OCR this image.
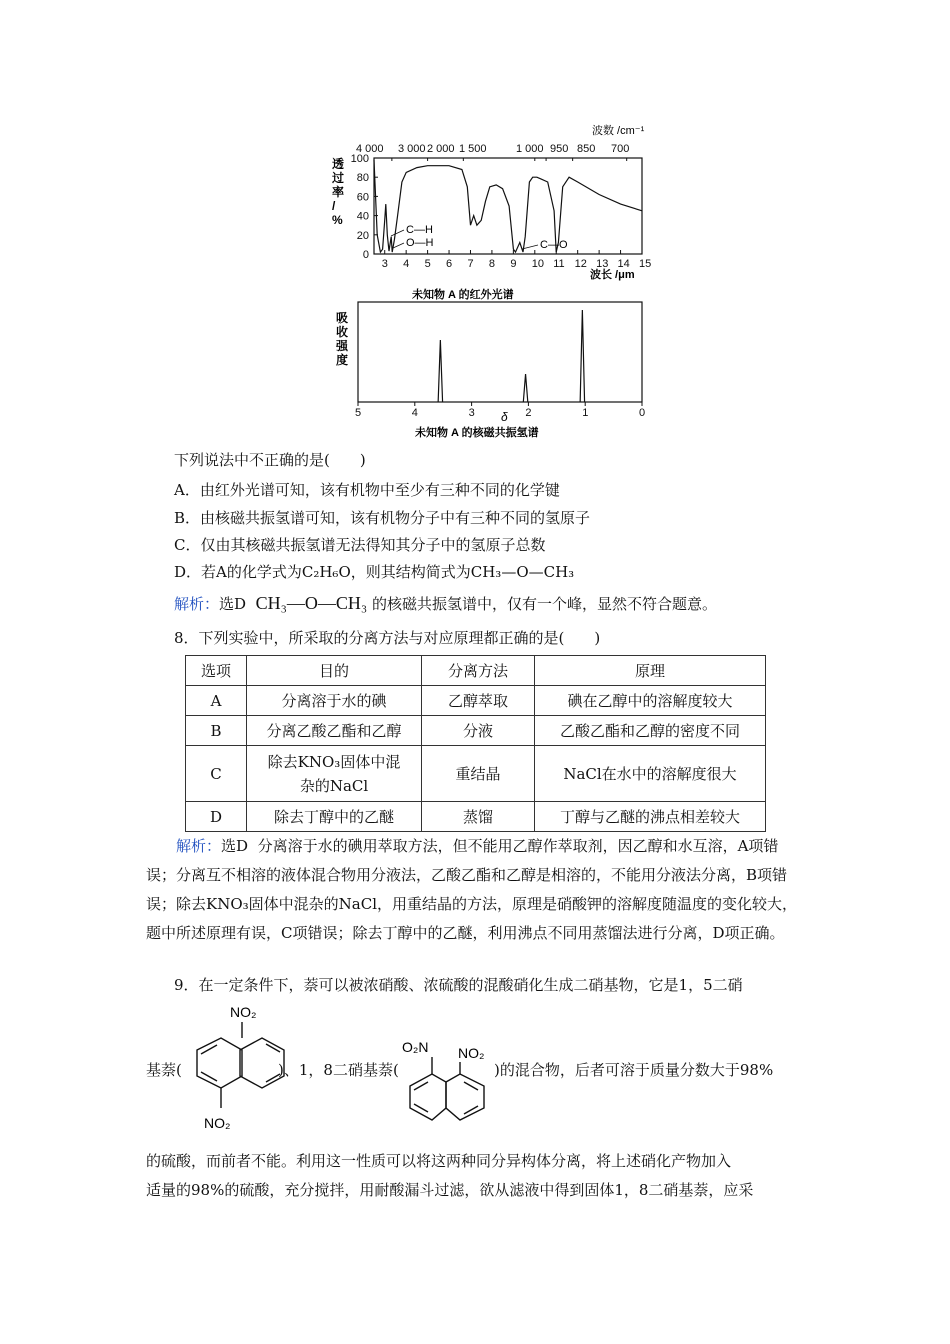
3 4 5 6 7 8 9 10 11 12 13 14 15
0
20
40
60
80
100
4 000 3 000 2 000 1 500	1 000 950 850 700
波数 /cm⁻¹
波长 /μm
透
过
率
/
%
C—H
O—H	C—O
未知物 A 的红外光谱
5	4	3	2	1	0
吸
收
强
度
δ
未知物 A 的核磁共振氢谱
下列说法中不正确的是(　　)
A．由红外光谱可知，该有机物中至少有三种不同的化学键
B．由核磁共振氢谱可知，该有机物分子中有三种不同的氢原子
C．仅由其核磁共振氢谱无法得知其分子中的氢原子总数
D．若A的化学式为C₂H₆O，则其结构简式为CH₃—O—CH₃
解析：选D CH₃—O—CH₃ 的核磁共振氢谱中，仅有一个峰，显然不符合题意。
8．下列实验中，所采取的分离方法与对应原理都正确的是(　　)
选项	目的	分离方法	原理
A	分离溶于水的碘	乙醇萃取	碘在乙醇中的溶解度较大
B	分离乙酸乙酯和乙醇	分液	乙酸乙酯和乙醇的密度不同
C	除去KNO₃固体中混杂的NaCl	重结晶	NaCl在水中的溶解度很大
D	除去丁醇中的乙醚	蒸馏	丁醇与乙醚的沸点相差较大
解析：选D 分离溶于水的碘用萃取方法，但不能用乙醇作萃取剂，因乙醇和水互溶，A项错误；分离互不相溶的液体混合物用分液法，乙酸乙酯和乙醇是相溶的，不能用分液法分离，B项错误；除去KNO₃固体中混杂的NaCl，用重结晶的方法，原理是硝酸钾的溶解度随温度的变化较大，题中所述原理有误，C项错误；除去丁醇中的乙醚，利用沸点不同用蒸馏法进行分离，D项正确。
9．在一定条件下，萘可以被浓硝酸、浓硫酸的混酸硝化生成二硝基物，它是1，5二硝
NO₂
NO₂
基萘(	)、1，8二硝基萘(
O₂N NO₂
)的混合物，后者可溶于质量分数大于98%
的硫酸，而前者不能。利用这一性质可以将这两种同分异构体分离，将上述硝化产物加入
适量的98%的硫酸，充分搅拌，用耐酸漏斗过滤，欲从滤液中得到固体1，8二硝基萘，应采
